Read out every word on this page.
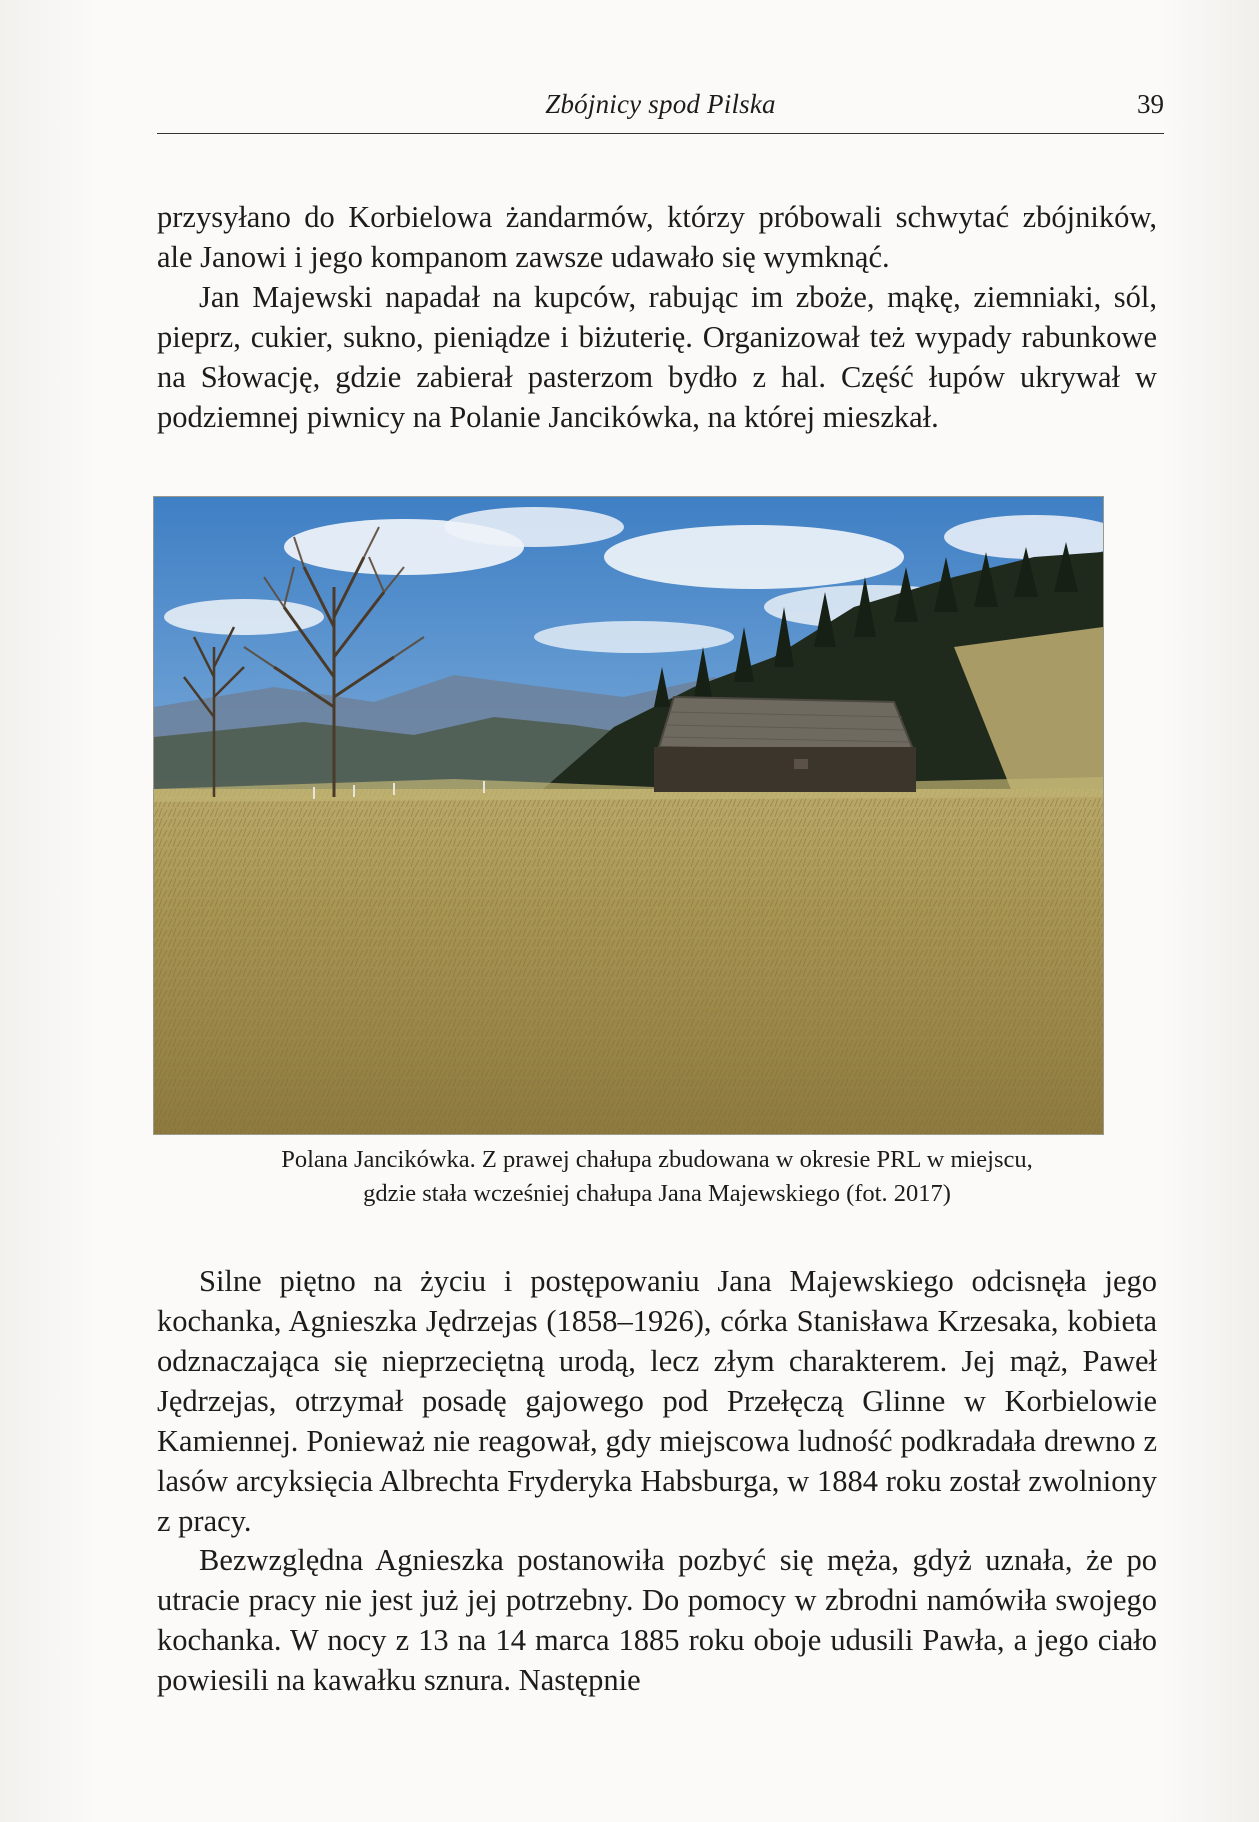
Zbójnicy spod Pilska	39

przysyłano do Korbielowa żandarmów, którzy próbowali schwytać zbójników, ale Janowi i jego kompanom zawsze udawało się wymknąć.

Jan Majewski napadał na kupców, rabując im zboże, mąkę, ziemniaki, sól, pieprz, cukier, sukno, pieniądze i biżuterię. Organizował też wypady rabunkowe na Słowację, gdzie zabierał pasterzom bydło z hal. Część łupów ukrywał w podziemnej piwnicy na Polanie Jancikówka, na której mieszkał.

Polana Jancikówka. Z prawej chałupa zbudowana w okresie PRL w miejscu,
gdzie stała wcześniej chałupa Jana Majewskiego (fot. 2017)

Silne piętno na życiu i postępowaniu Jana Majewskiego odcisnęła jego kochanka, Agnieszka Jędrzejas (1858–1926), córka Stanisława Krzesaka, kobieta odznaczająca się nieprzeciętną urodą, lecz złym charakterem. Jej mąż, Paweł Jędrzejas, otrzymał posadę gajowego pod Przełęczą Glinne w Korbielowie Kamiennej. Ponieważ nie reagował, gdy miejscowa ludność podkradała drewno z lasów arcyksięcia Albrechta Fryderyka Habsburga, w 1884 roku został zwolniony z pracy.

Bezwzględna Agnieszka postanowiła pozbyć się męża, gdyż uznała, że po utracie pracy nie jest już jej potrzebny. Do pomocy w zbrodni namówiła swojego kochanka. W nocy z 13 na 14 marca 1885 roku oboje udusili Pawła, a jego ciało powiesili na kawałku sznura. Następnie
